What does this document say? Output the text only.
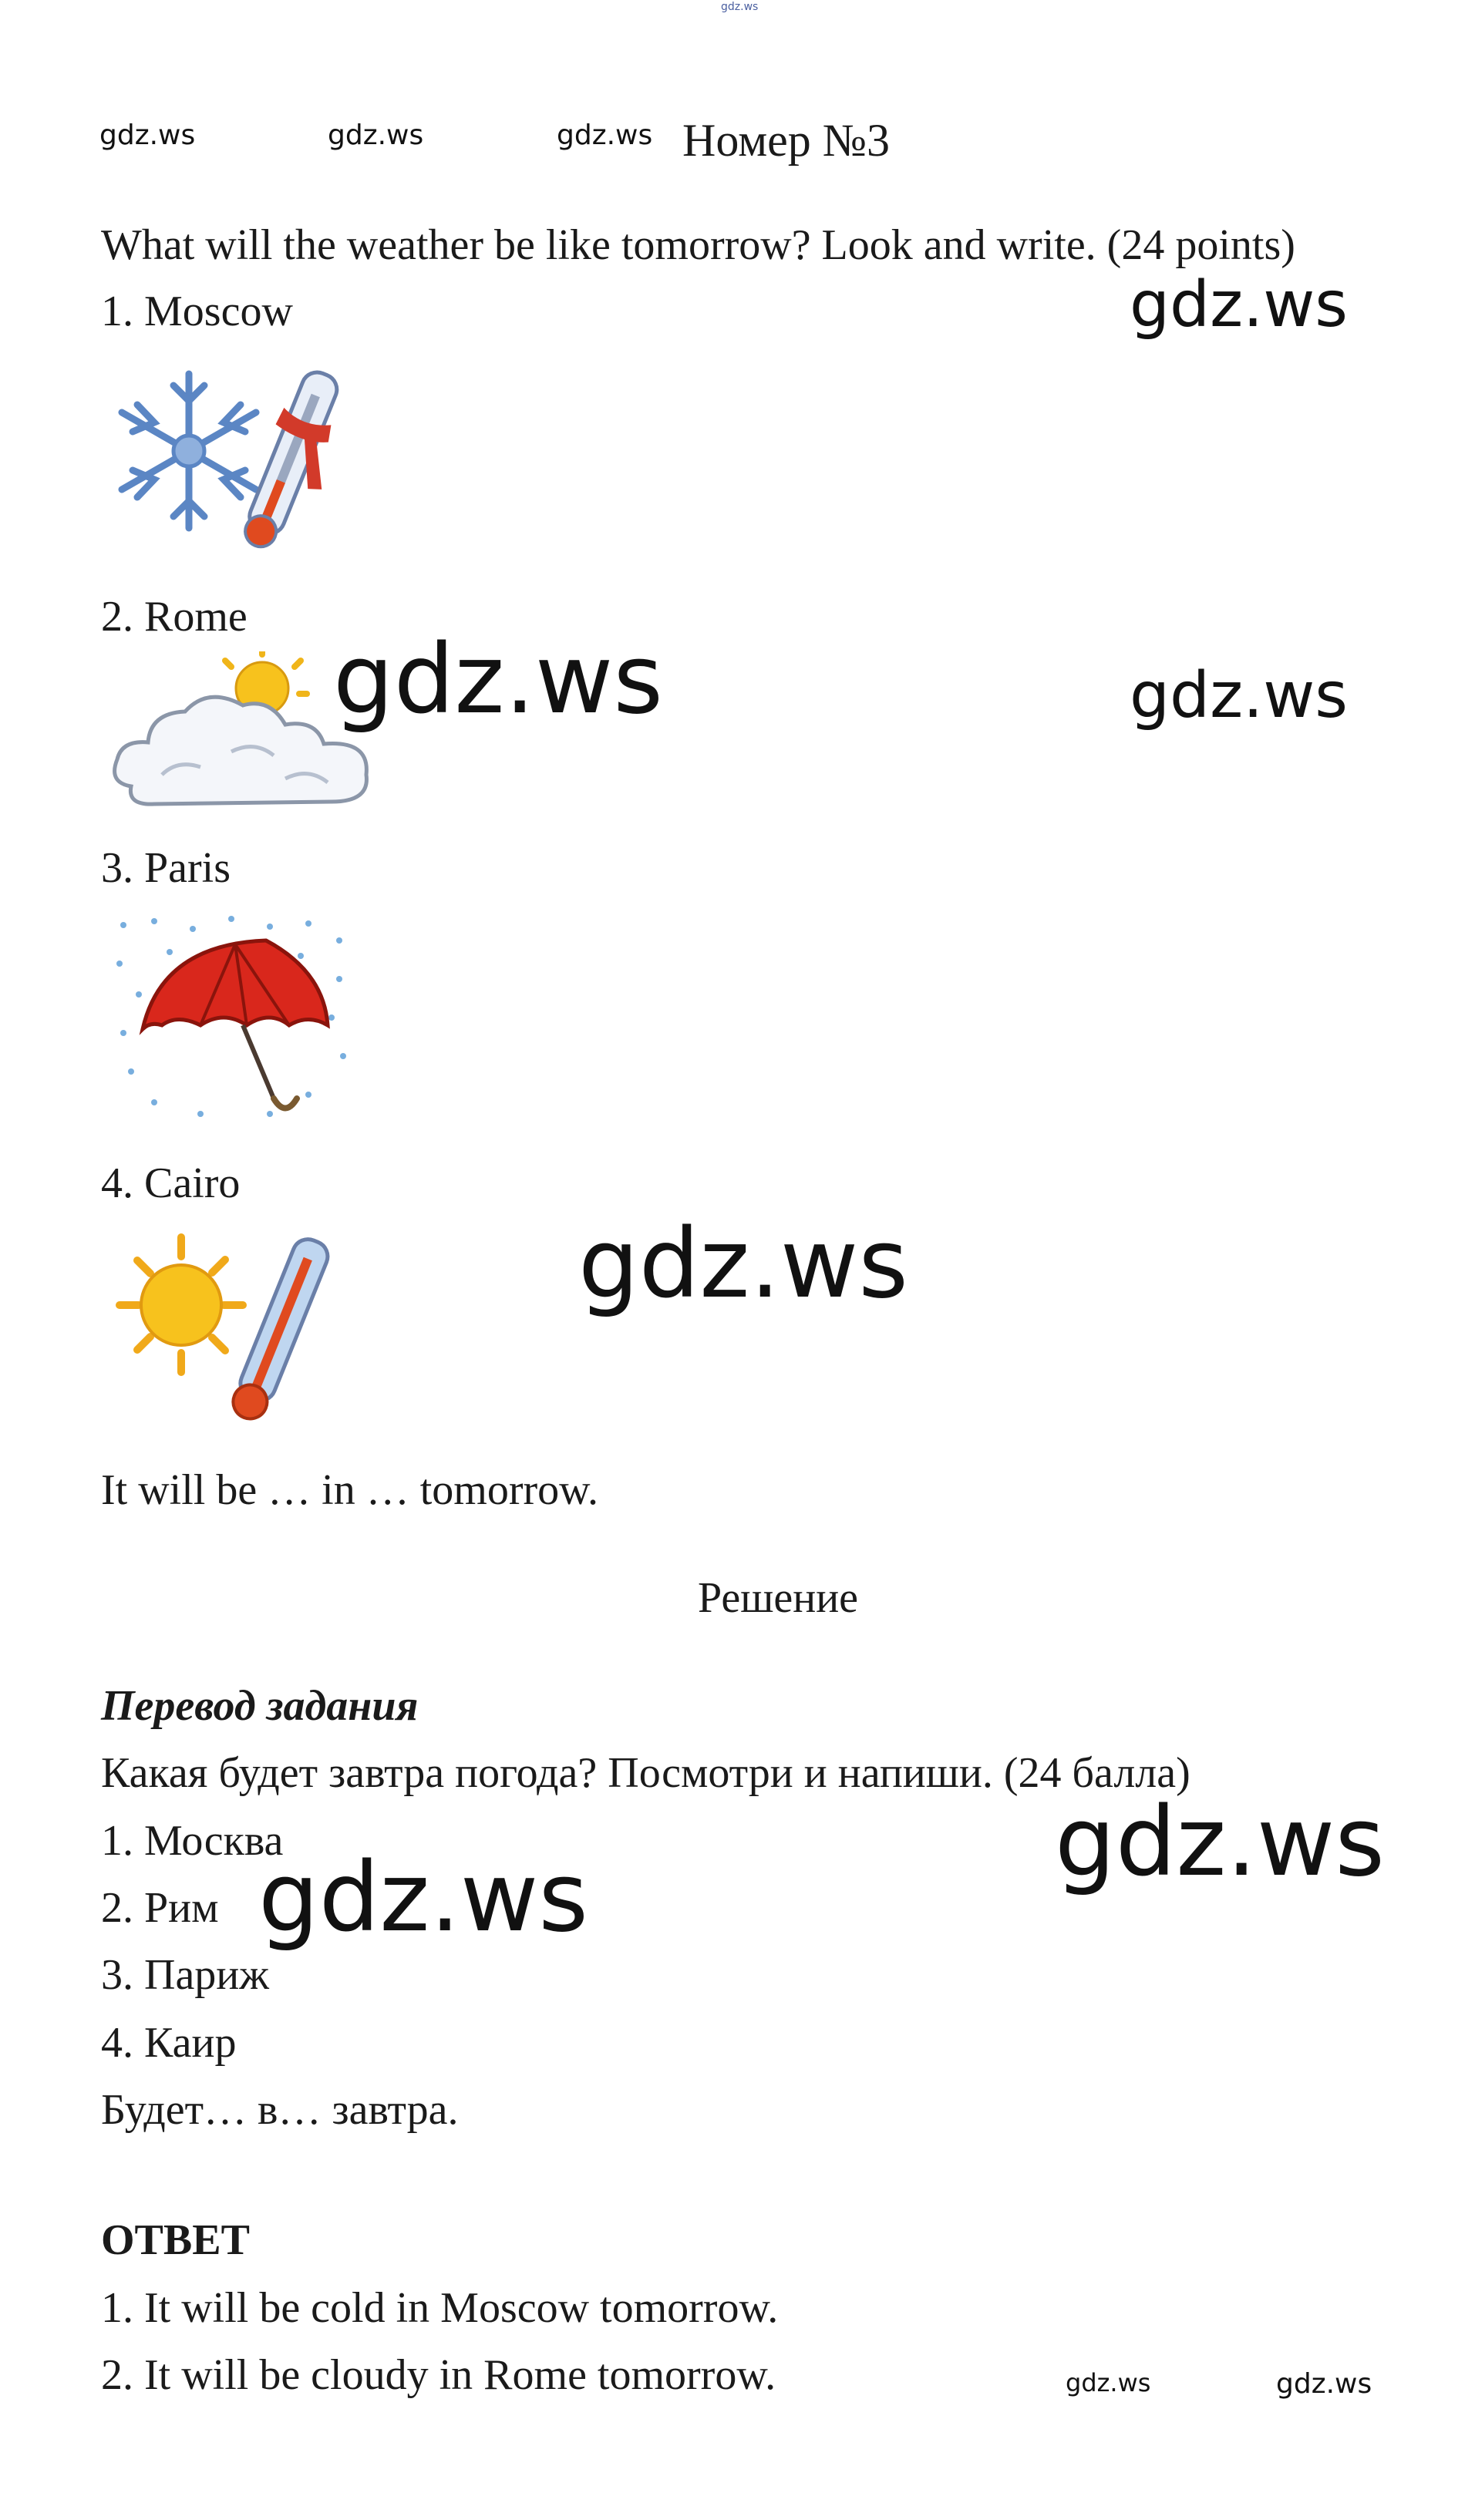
gdz.ws
gdz.ws	gdz.ws	gdz.ws
gdz.ws
gdz.ws	gdz.ws
gdz.ws
gdz.ws
gdz.ws
gdz.ws	gdz.ws
Номер №3
What will the weather be like tomorrow? Look and write. (24 points)
1. Moscow
2. Rome
3. Paris
4. Cairo
It will be … in … tomorrow.
Решение
Перевод задания
Какая будет завтра погода? Посмотри и напиши. (24 балла)
1. Москва
2. Рим
3. Париж
4. Каир
Будет… в… завтра.
ОТВЕТ
1. It will be cold in Moscow tomorrow.
2. It will be cloudy in Rome tomorrow.
